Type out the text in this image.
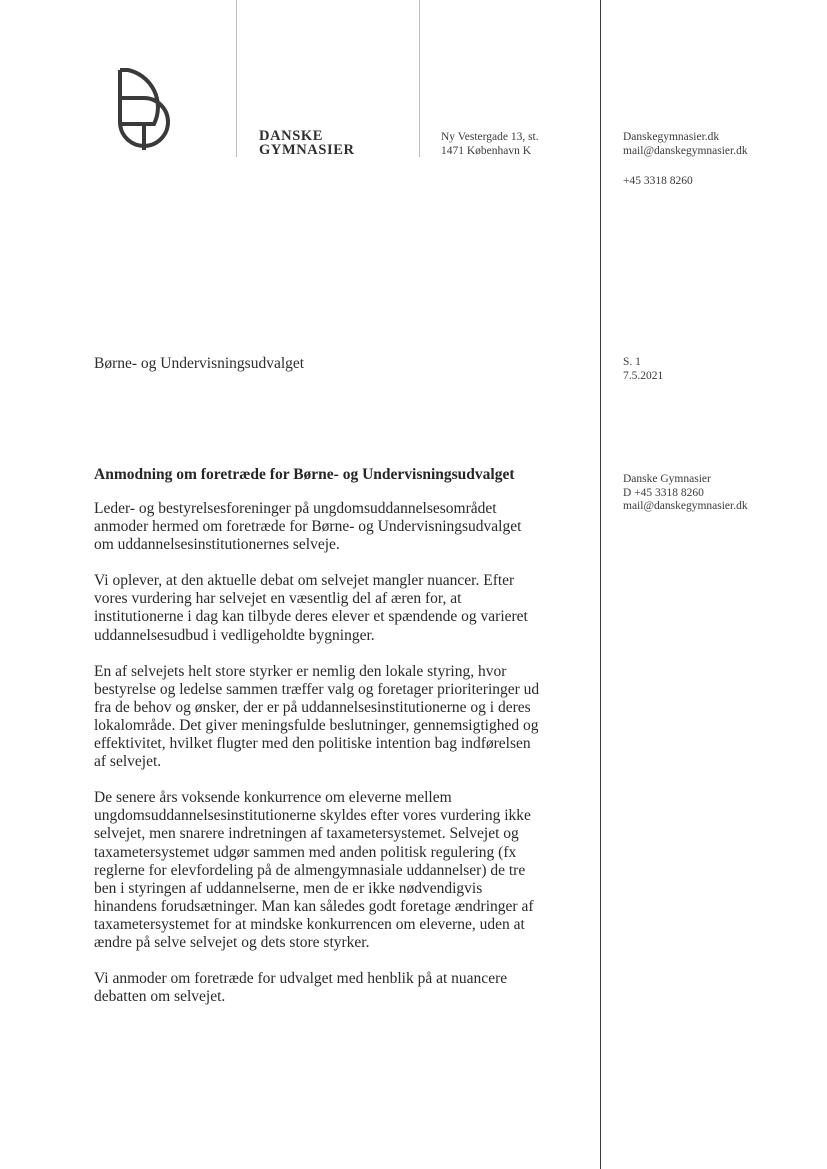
DANSKE
GYMNASIER
Ny Vestergade 13, st.
1471 København K
Danskegymnasier.dk
mail@danskegymnasier.dk
+45 3318 8260
Børne- og Undervisningsudvalget	S. 1
7.5.2021
Danske Gymnasier
D +45 3318 8260
mail@danskegymnasier.dk
Anmodning om foretræde for Børne- og Undervisningsudvalget
Leder- og bestyrelsesforeninger på ungdomsuddannelsesområdet
anmoder hermed om foretræde for Børne- og Undervisningsudvalget
om uddannelsesinstitutionernes selveje.
Vi oplever, at den aktuelle debat om selvejet mangler nuancer. Efter
vores vurdering har selvejet en væsentlig del af æren for, at
institutionerne i dag kan tilbyde deres elever et spændende og varieret
uddannelsesudbud i vedligeholdte bygninger.
En af selvejets helt store styrker er nemlig den lokale styring, hvor
bestyrelse og ledelse sammen træffer valg og foretager prioriteringer ud
fra de behov og ønsker, der er på uddannelsesinstitutionerne og i deres
lokalområde. Det giver meningsfulde beslutninger, gennemsigtighed og
effektivitet, hvilket flugter med den politiske intention bag indførelsen
af selvejet.
De senere års voksende konkurrence om eleverne mellem
ungdomsuddannelsesinstitutionerne skyldes efter vores vurdering ikke
selvejet, men snarere indretningen af taxametersystemet. Selvejet og
taxametersystemet udgør sammen med anden politisk regulering (fx
reglerne for elevfordeling på de almengymnasiale uddannelser) de tre
ben i styringen af uddannelserne, men de er ikke nødvendigvis
hinandens forudsætninger. Man kan således godt foretage ændringer af
taxametersystemet for at mindske konkurrencen om eleverne, uden at
ændre på selve selvejet og dets store styrker.
Vi anmoder om foretræde for udvalget med henblik på at nuancere
debatten om selvejet.
